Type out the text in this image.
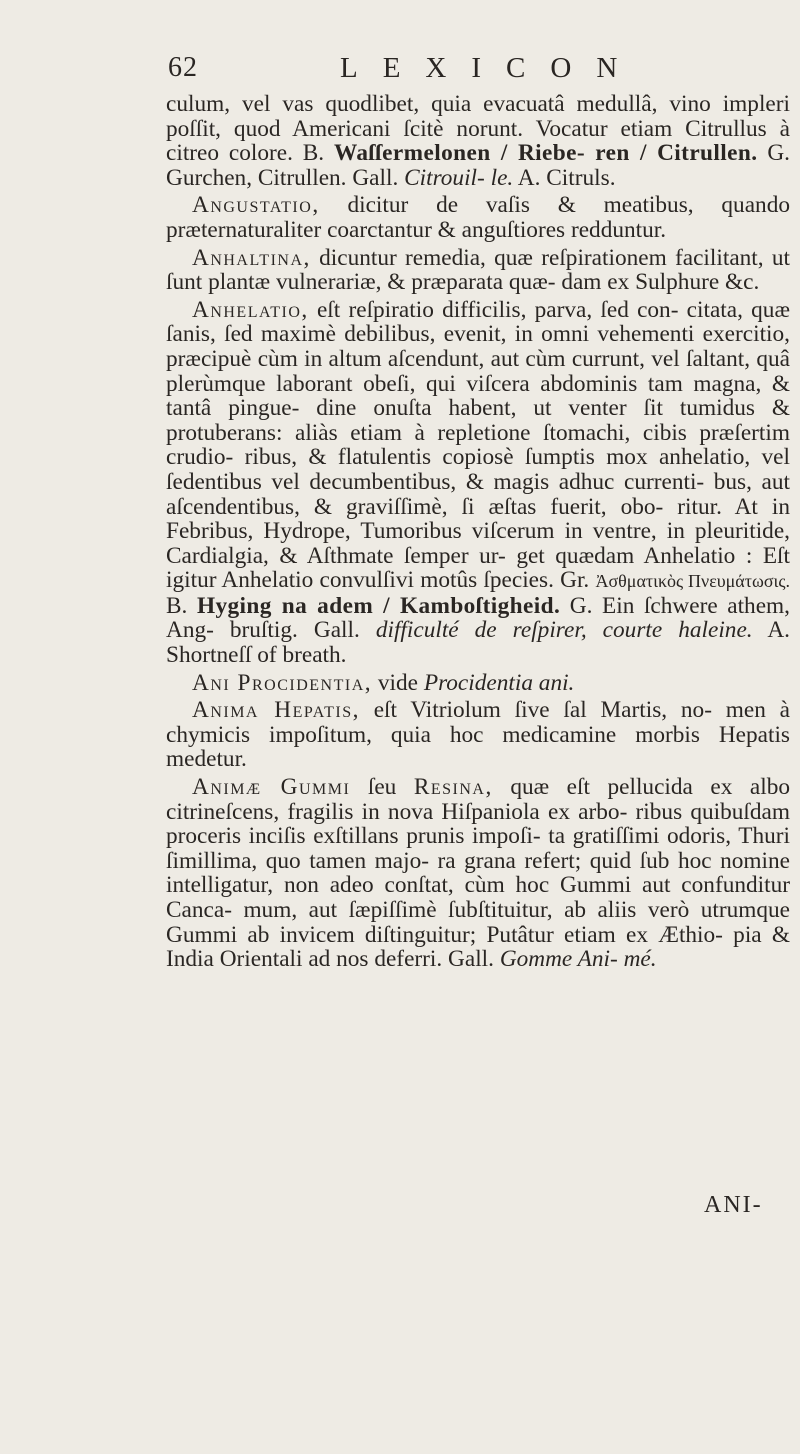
62	LEXICON

culum, vel vas quodlibet, quia evacuatâ medullâ, vino impleri poſſit, quod Americani ſcitè norunt. Vocatur etiam Citrullus à citreo colore. B. Waſſermelonen / Riebe- ren / Citrullen. G. Gurchen, Citrullen. Gall. Citrouil- le. A. Citruls.

Angustatio, dicitur de vaſis & meatibus, quando præternaturaliter coarctantur & anguſtiores redduntur.

Anhaltina, dicuntur remedia, quæ reſpirationem facilitant, ut ſunt plantæ vulnerariæ, & præparata quæ- dam ex Sulphure &c.

Anhelatio, eſt reſpiratio difficilis, parva, ſed con- citata, quæ ſanis, ſed maximè debilibus, evenit, in omni vehementi exercitio, præcipuè cùm in altum aſcendunt, aut cùm currunt, vel ſaltant, quâ plerùmque laborant obeſi, qui viſcera abdominis tam magna, & tantâ pingue- dine onuſta habent, ut venter ſit tumidus & protuberans: aliàs etiam à repletione ſtomachi, cibis præſertim crudio- ribus, & flatulentis copiosè ſumptis mox anhelatio, vel ſedentibus vel decumbentibus, & magis adhuc currenti- bus, aut aſcendentibus, & graviſſimè, ſi æſtas fuerit, obo- ritur. At in Febribus, Hydrope, Tumoribus viſcerum in ventre, in pleuritide, Cardialgia, & Aſthmate ſemper ur- get quædam Anhelatio : Eſt igitur Anhelatio convulſivi motûs ſpecies. Gr. Ἀσθματικὸς Πνευμάτωσις. B. Hyging na adem / Kamboſtigheid. G. Ein ſchwere athem, Ang- bruſtig. Gall. difficulté de reſpirer, courte haleine. A. Shortneſſ of breath.

Ani Procidentia, vide Procidentia ani.

Anima Hepatis, eſt Vitriolum ſive ſal Martis, no- men à chymicis impoſitum, quia hoc medicamine morbis Hepatis medetur.

Animæ Gummi ſeu Resina, quæ eſt pellucida ex albo citrineſcens, fragilis in nova Hiſpaniola ex arbo- ribus quibuſdam proceris inciſis exſtillans prunis impoſi- ta gratiſſimi odoris, Thuri ſimillima, quo tamen majo- ra grana refert; quid ſub hoc nomine intelligatur, non adeo conſtat, cùm hoc Gummi aut confunditur Canca- mum, aut ſæpiſſimè ſubſtituitur, ab aliis verò utrumque Gummi ab invicem diſtinguitur; Putâtur etiam ex Æthio- pia & India Orientali ad nos deferri. Gall. Gomme Ani- mé.

ANI-
